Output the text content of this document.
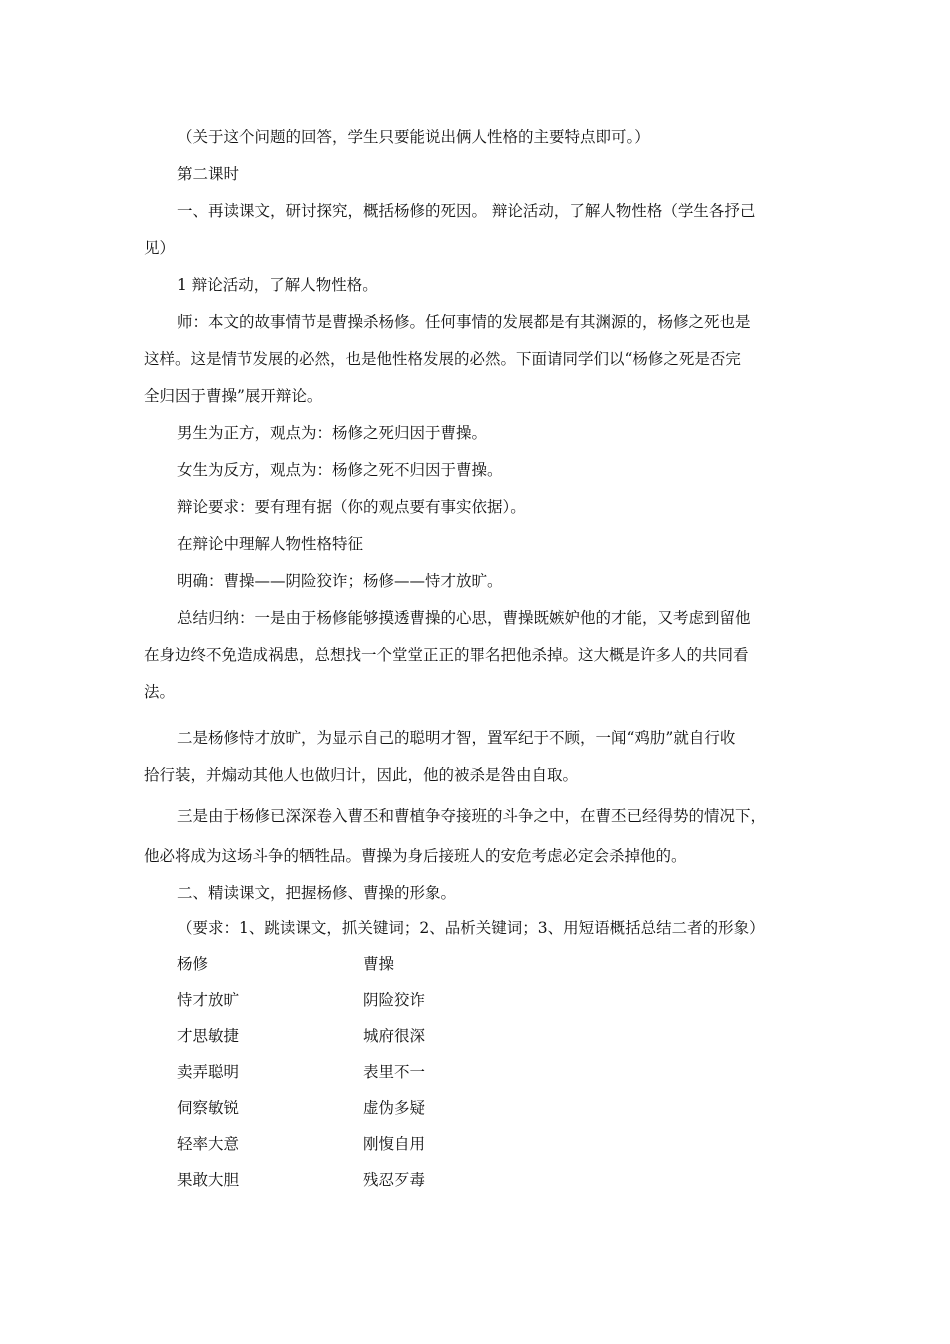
（关于这个问题的回答，学生只要能说出俩人性格的主要特点即可。）
第二课时
一、再读课文，研讨探究，概括杨修的死因。 辩论活动，了解人物性格（学生各抒己
见）
1 辩论活动，了解人物性格。
师：本文的故事情节是曹操杀杨修。任何事情的发展都是有其渊源的，杨修之死也是
这样。这是情节发展的必然，也是他性格发展的必然。下面请同学们以“杨修之死是否完
全归因于曹操”展开辩论。
男生为正方，观点为：杨修之死归因于曹操。
女生为反方，观点为：杨修之死不归因于曹操。
辩论要求：要有理有据（你的观点要有事实依据）。
在辩论中理解人物性格特征
明确：曹操——阴险狡诈；杨修——恃才放旷。
总结归纳：一是由于杨修能够摸透曹操的心思，曹操既嫉妒他的才能，又考虑到留他
在身边终不免造成祸患，总想找一个堂堂正正的罪名把他杀掉。这大概是许多人的共同看
法。
二是杨修恃才放旷，为显示自己的聪明才智，置军纪于不顾，一闻“鸡肋”就自行收
拾行装，并煽动其他人也做归计，因此，他的被杀是咎由自取。
三是由于杨修已深深卷入曹丕和曹植争夺接班的斗争之中，在曹丕已经得势的情况下，
他必将成为这场斗争的牺牲品。曹操为身后接班人的安危考虑必定会杀掉他的。
二、精读课文，把握杨修、曹操的形象。
（要求：1、跳读课文，抓关键词；2、品析关键词；3、用短语概括总结二者的形象）
杨修	曹操
恃才放旷	阴险狡诈
才思敏捷	城府很深
卖弄聪明	表里不一
伺察敏锐	虚伪多疑
轻率大意	刚愎自用
果敢大胆	残忍歹毒
